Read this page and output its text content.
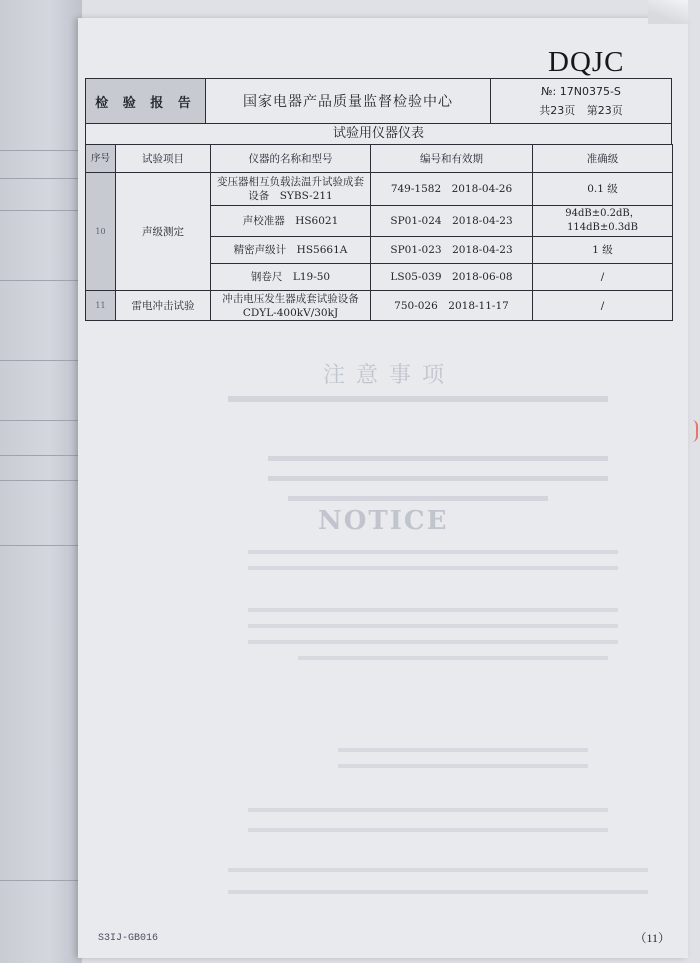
DQJC
检 验 报 告	国家电器产品质量监督检验中心
№: 17N0375-S
共23页 第23页
试验用仪器仪表
序号	试验项目	仪器的名称和型号	编号和有效期	准确级
10	声级测定	变压器相互负载法温升试验成套设备　SYBS-211	749-1582　2018-04-26	0.1 级
		声校准器　HS6021	SP01-024　2018-04-23	94dB±0.2dB，114dB±0.3dB
		精密声级计　HS5661A	SP01-023　2018-04-23	1 级
		钢卷尺　L19-50	LS05-039　2018-06-08	/
11	雷电冲击试验	冲击电压发生器成套试验设备　CDYL-400kV/30kJ	750-026　2018-11-17	/
注 意 事 项
NOTICE
S3IJ-GB016	（11）
